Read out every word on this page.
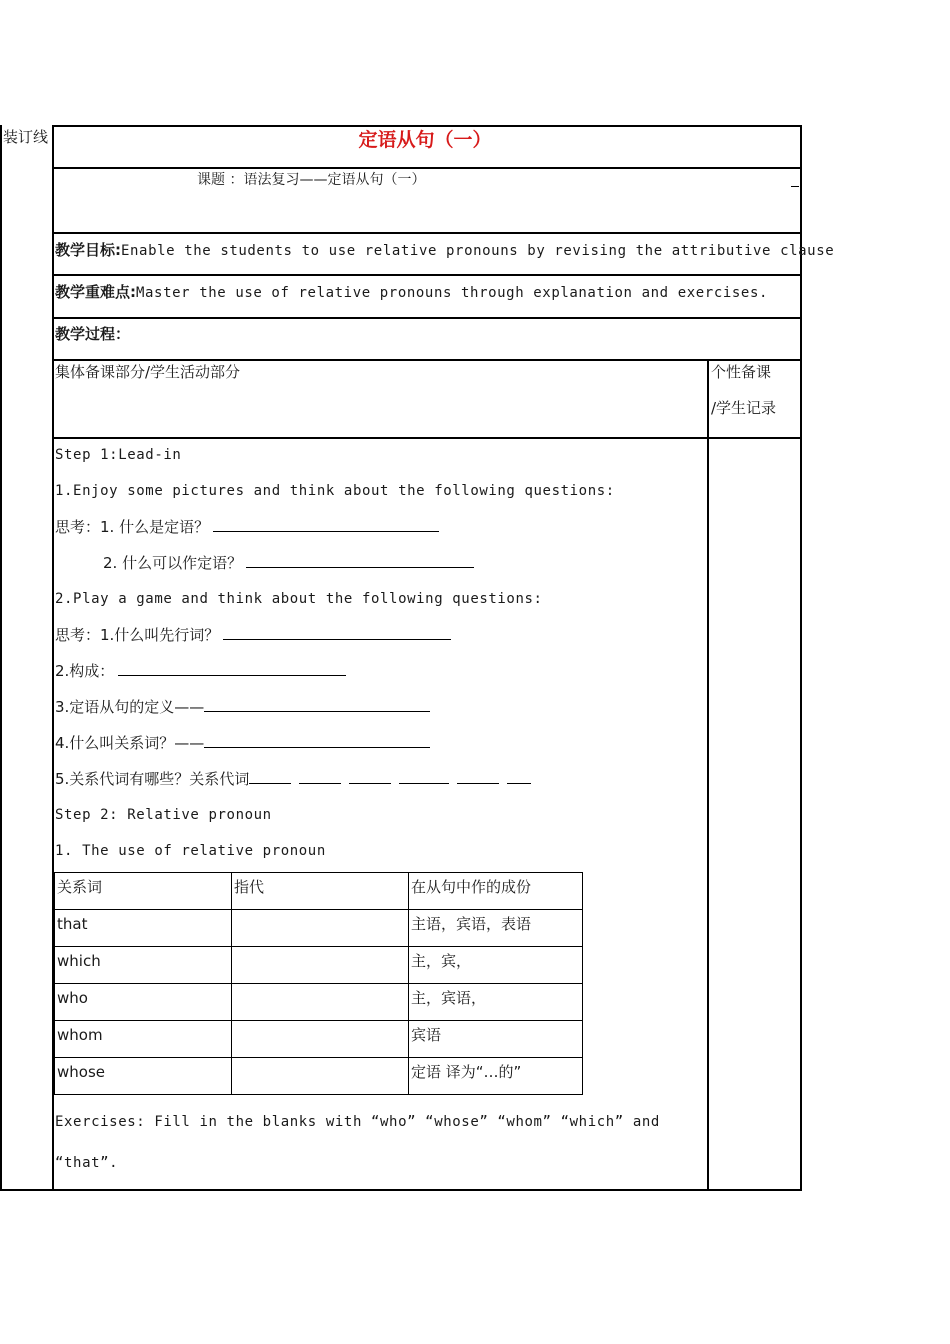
装订线	定语从句（一）
课题 ：语法复习——定语从句（一）
教学目标:Enable the students to use relative pronouns by revising the attributive clause
教学重难点:Master the use of relative pronouns through explanation and exercises.
教学过程：
集体备课部分/学生活动部分	个性备课
/学生记录
Step 1:Lead-in
1.Enjoy some pictures and think about the following questions:
思考：1. 什么是定语？
2. 什么可以作定语？
2.Play a game and think about the following questions:
思考：1.什么叫先行词？
2.构成：
3.定语从句的定义——
4.什么叫关系词？——
5.关系代词有哪些？关系代词
Step 2: Relative pronoun
1. The use of relative pronoun
关系词	指代	在从句中作的成份
that		主语，宾语，表语
which		主，宾，
who		主，宾语，
whom		宾语
whose		定语 译为“…的”
Exercises: Fill in the blanks with “who” “whose” “whom” “which” and
“that”.
